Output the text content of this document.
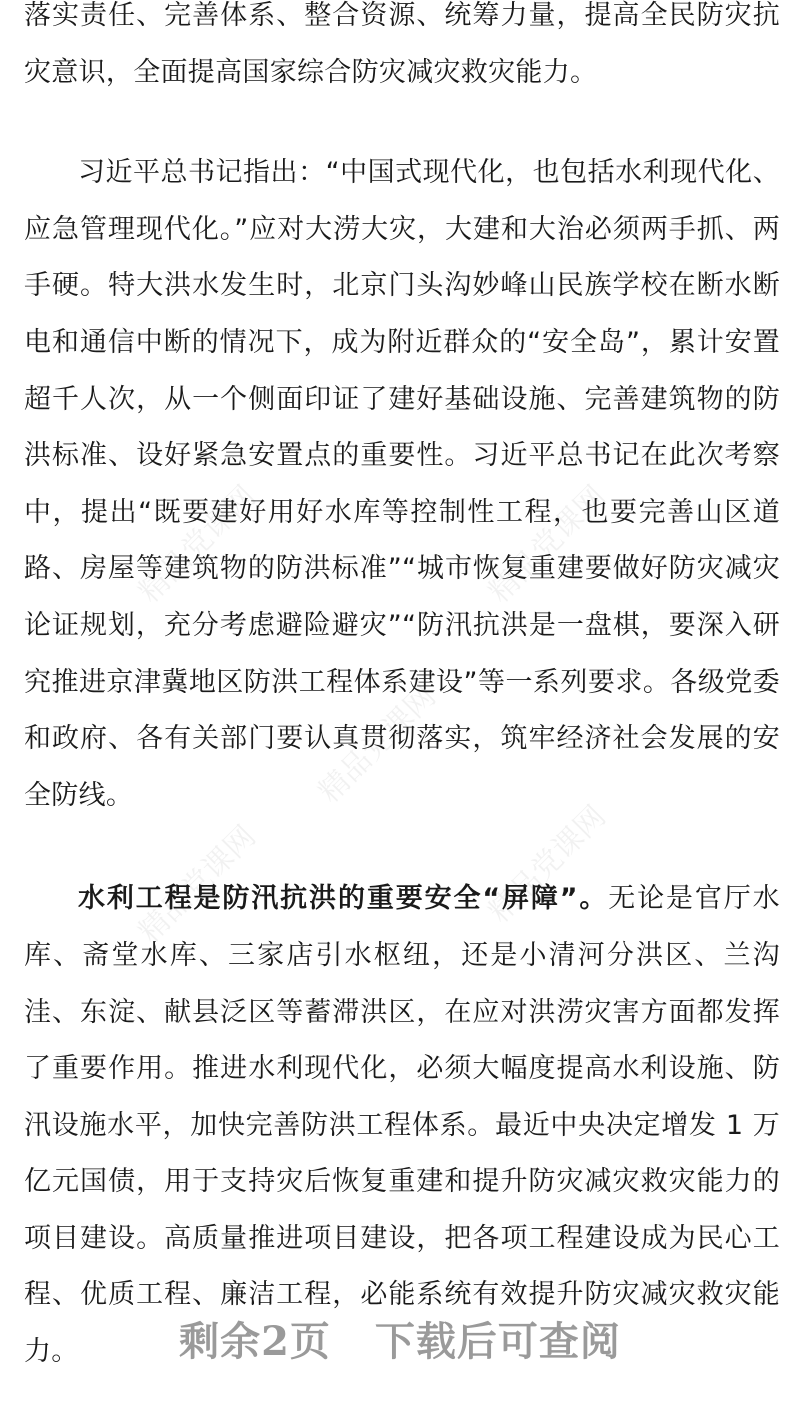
精品党课网	精品党课网
精品党课网
精品党课网	精品党课网

落实责任、完善体系、整合资源、统筹力量，提高全民防灾抗灾意识，全面提高国家综合防灾减灾救灾能力。

习近平总书记指出：“中国式现代化，也包括水利现代化、应急管理现代化。”应对大涝大灾，大建和大治必须两手抓、两手硬。特大洪水发生时，北京门头沟妙峰山民族学校在断水断电和通信中断的情况下，成为附近群众的“安全岛”，累计安置超千人次，从一个侧面印证了建好基础设施、完善建筑物的防洪标准、设好紧急安置点的重要性。习近平总书记在此次考察中，提出“既要建好用好水库等控制性工程，也要完善山区道路、房屋等建筑物的防洪标准”“城市恢复重建要做好防灾减灾论证规划，充分考虑避险避灾”“防汛抗洪是一盘棋，要深入研究推进京津冀地区防洪工程体系建设”等一系列要求。各级党委和政府、各有关部门要认真贯彻落实，筑牢经济社会发展的安全防线。

水利工程是防汛抗洪的重要安全“屏障”。无论是官厅水库、斋堂水库、三家店引水枢纽，还是小清河分洪区、兰沟洼、东淀、献县泛区等蓄滞洪区，在应对洪涝灾害方面都发挥了重要作用。推进水利现代化，必须大幅度提高水利设施、防汛设施水平，加快完善防洪工程体系。最近中央决定增发 1 万亿元国债，用于支持灾后恢复重建和提升防灾减灾救灾能力的项目建设。高质量推进项目建设，把各项工程建设成为民心工程、优质工程、廉洁工程，必能系统有效提升防灾减灾救灾能力。	剩余2页 下载后可查阅
